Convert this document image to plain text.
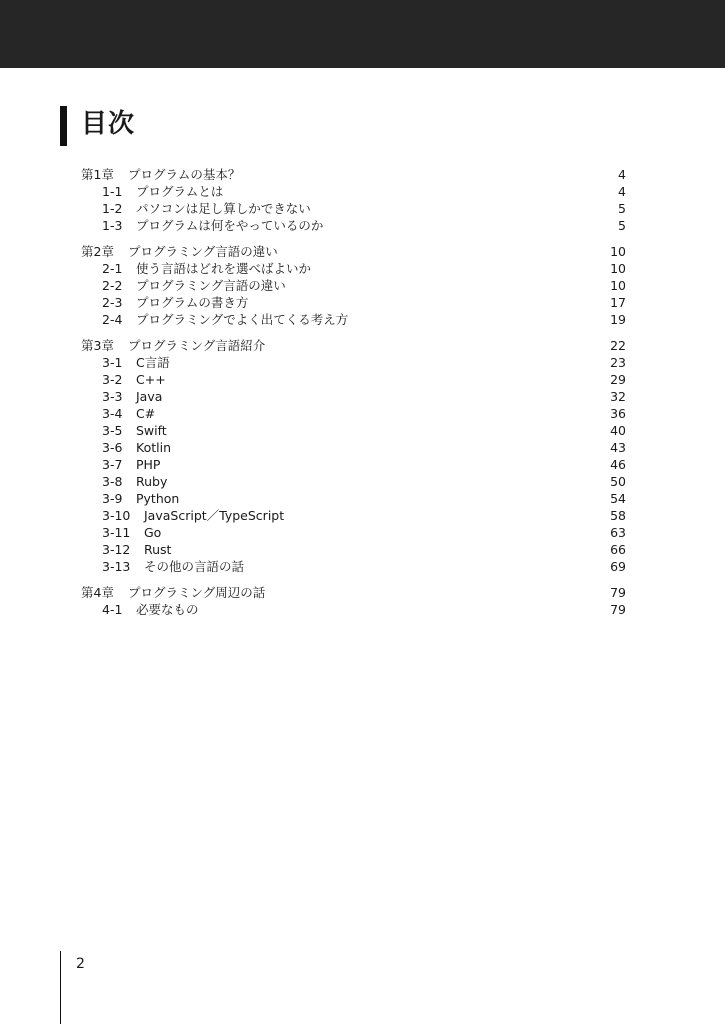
目次
第1章 プログラムの基本？	4
1-1 プログラムとは	4
1-2 パソコンは足し算しかできない	5
1-3 プログラムは何をやっているのか	5
第2章 プログラミング言語の違い	10
2-1 使う言語はどれを選べばよいか	10
2-2 プログラミング言語の違い	10
2-3 プログラムの書き方	17
2-4 プログラミングでよく出てくる考え方	19
第3章 プログラミング言語紹介	22
3-1 C言語	23
3-2 C++	29
3-3 Java	32
3-4 C#	36
3-5 Swift	40
3-6 Kotlin	43
3-7 PHP	46
3-8 Ruby	50
3-9 Python	54
3-10 JavaScript／TypeScript	58
3-11 Go	63
3-12 Rust	66
3-13 その他の言語の話	69
第4章 プログラミング周辺の話	79
4-1 必要なもの	79
2
